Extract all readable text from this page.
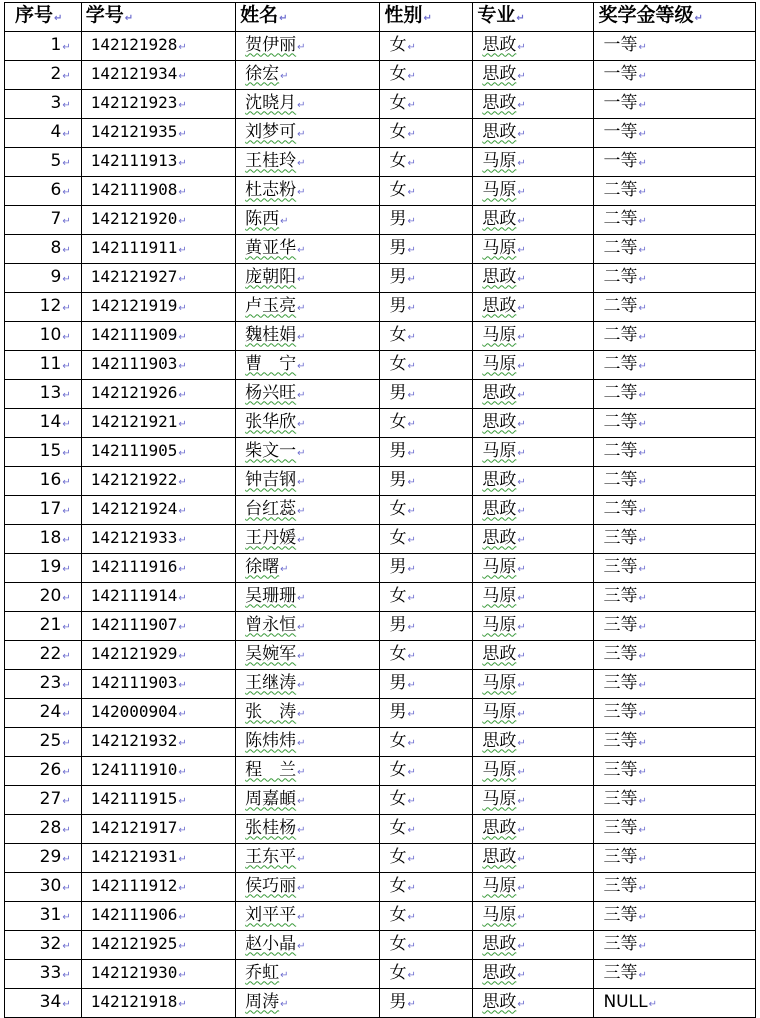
序号↵	学号↵	姓名↵	性别↵	专业↵	奖学金等级↵
1↵	142121928↵	贺伊丽↵	女↵	思政↵	一等↵
2↵	142121934↵	徐宏↵	女↵	思政↵	一等↵
3↵	142121923↵	沈晓月↵	女↵	思政↵	一等↵
4↵	142121935↵	刘梦可↵	女↵	思政↵	一等↵
5↵	142111913↵	王桂玲↵	女↵	马原↵	一等↵
6↵	142111908↵	杜志粉↵	女↵	马原↵	二等↵
7↵	142121920↵	陈西↵	男↵	思政↵	二等↵
8↵	142111911↵	黄亚华↵	男↵	马原↵	二等↵
9↵	142121927↵	庞朝阳↵	男↵	思政↵	二等↵
12↵	142121919↵	卢玉亮↵	男↵	思政↵	二等↵
10↵	142111909↵	魏桂娟↵	女↵	马原↵	二等↵
11↵	142111903↵	曹　宁↵	女↵	马原↵	二等↵
13↵	142121926↵	杨兴旺↵	男↵	思政↵	二等↵
14↵	142121921↵	张华欣↵	女↵	思政↵	二等↵
15↵	142111905↵	柴文一↵	男↵	马原↵	二等↵
16↵	142121922↵	钟吉钢↵	男↵	思政↵	二等↵
17↵	142121924↵	台红蕊↵	女↵	思政↵	二等↵
18↵	142121933↵	王丹媛↵	女↵	思政↵	三等↵
19↵	142111916↵	徐曙↵	男↵	马原↵	三等↵
20↵	142111914↵	吴珊珊↵	女↵	马原↵	三等↵
21↵	142111907↵	曾永恒↵	男↵	马原↵	三等↵
22↵	142121929↵	吴婉军↵	女↵	思政↵	三等↵
23↵	142111903↵	王继涛↵	男↵	马原↵	三等↵
24↵	142000904↵	张　涛↵	男↵	马原↵	三等↵
25↵	142121932↵	陈炜炜↵	女↵	思政↵	三等↵
26↵	124111910↵	程　兰↵	女↵	马原↵	三等↵
27↵	142111915↵	周嘉頔↵	女↵	马原↵	三等↵
28↵	142121917↵	张桂杨↵	女↵	思政↵	三等↵
29↵	142121931↵	王东平↵	女↵	思政↵	三等↵
30↵	142111912↵	侯巧丽↵	女↵	马原↵	三等↵
31↵	142111906↵	刘平平↵	女↵	马原↵	三等↵
32↵	142121925↵	赵小晶↵	女↵	思政↵	三等↵
33↵	142121930↵	乔虹↵	女↵	思政↵	三等↵
34↵	142121918↵	周涛↵	男↵	思政↵	NULL↵
